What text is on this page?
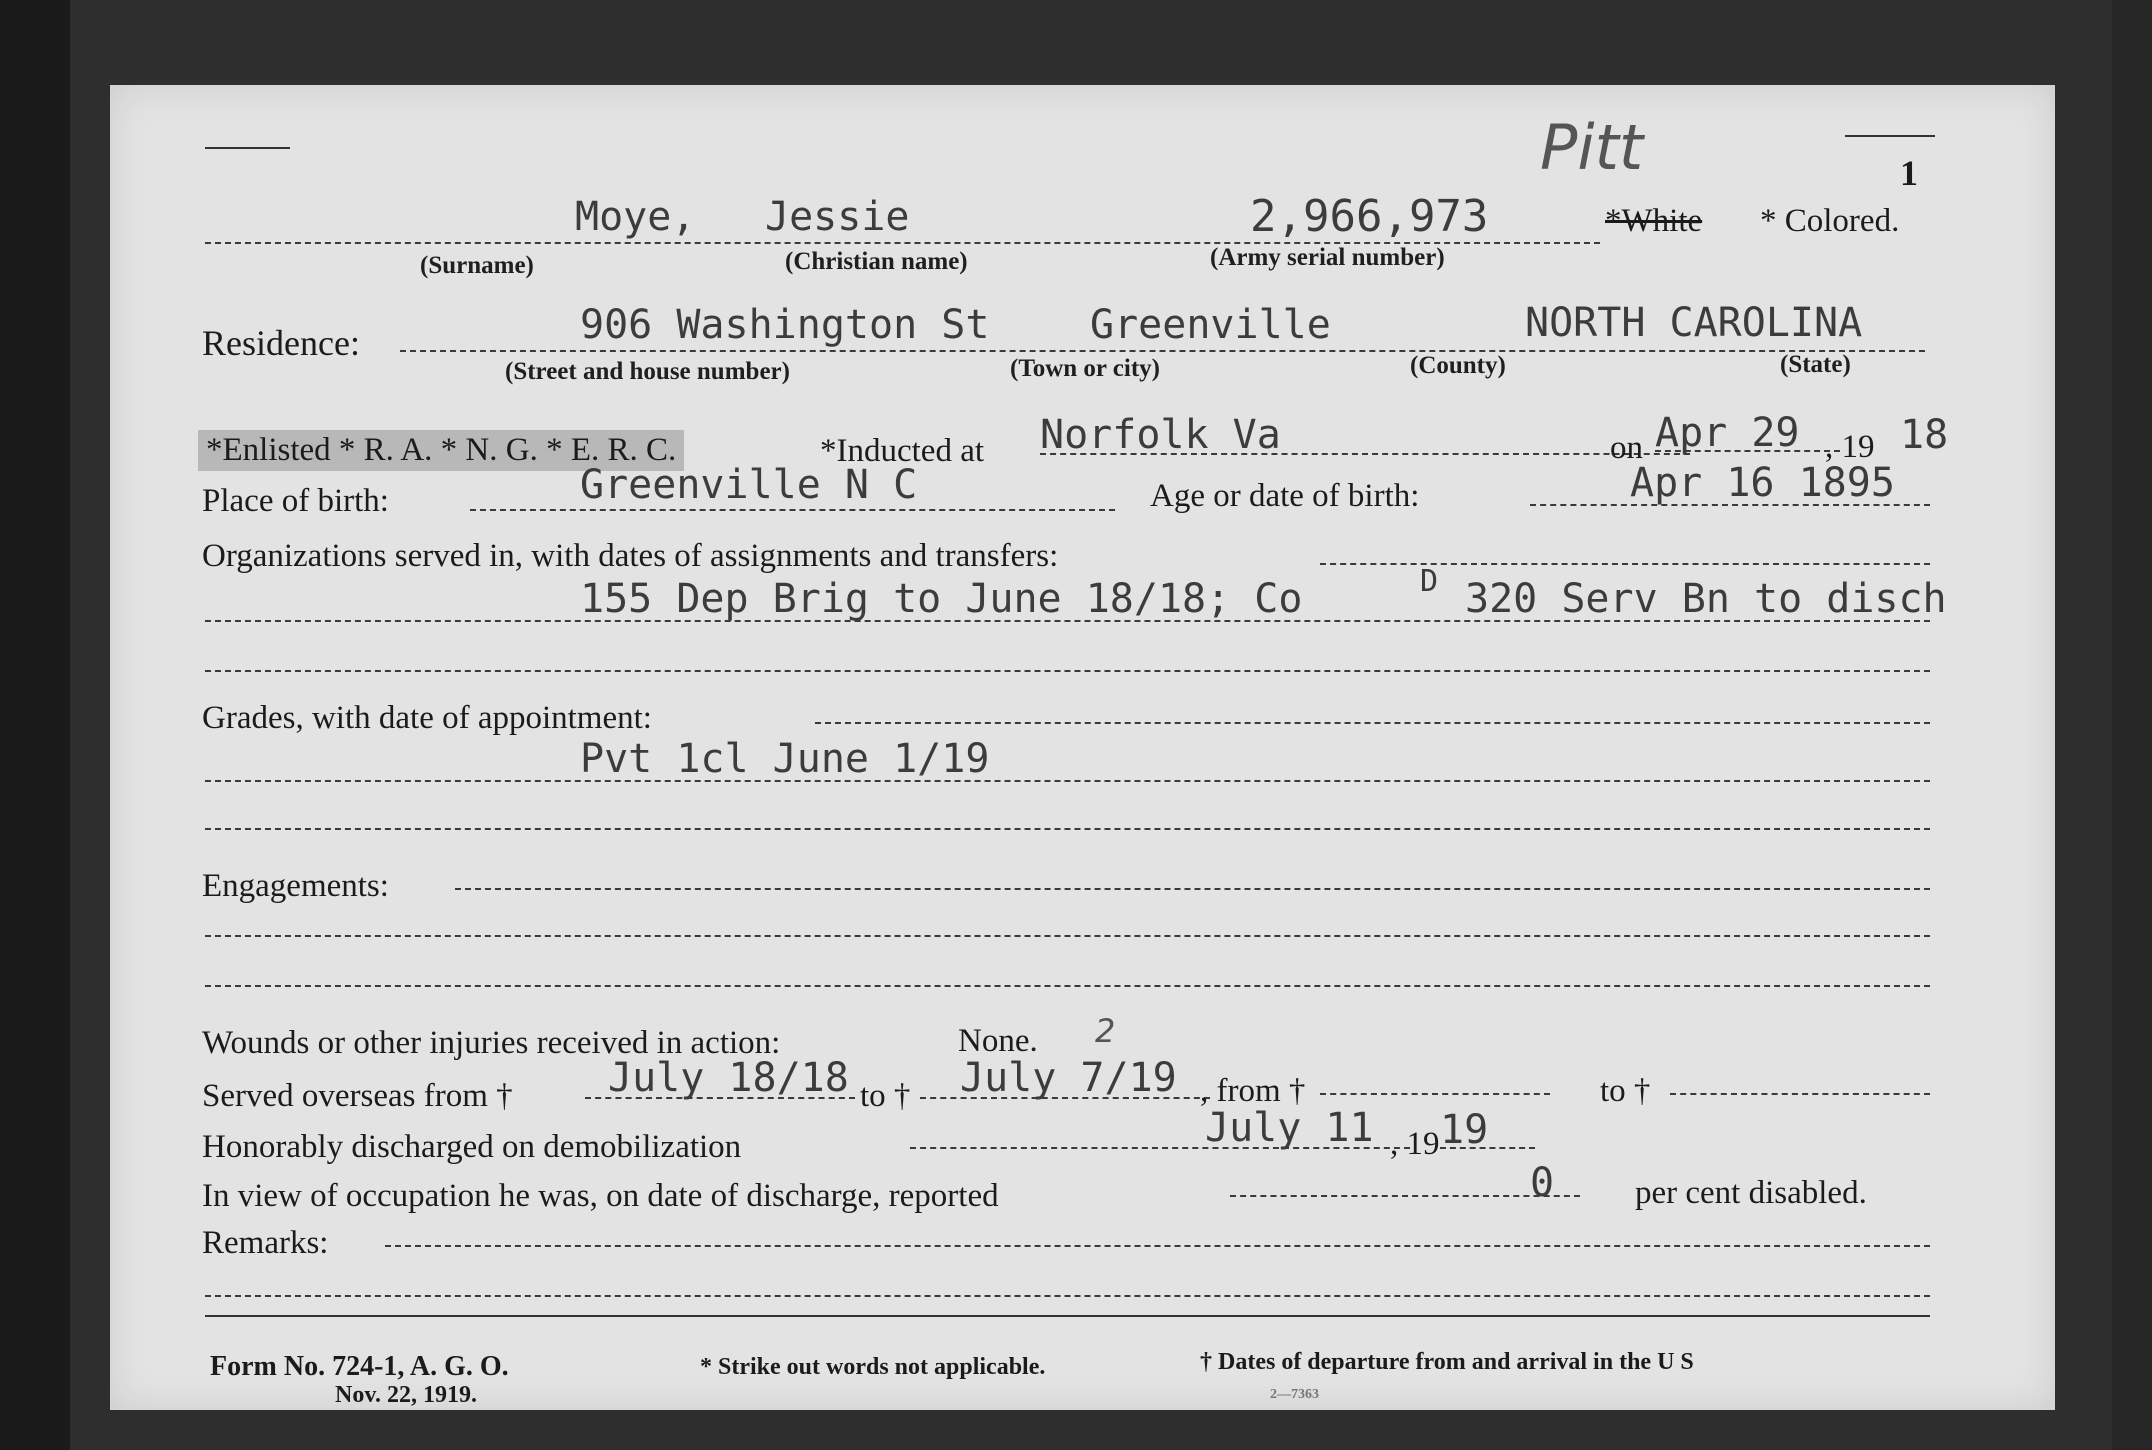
Pitt	1
Moye, Jessie	2,966,973	*White * Colored.
(Surname)	(Christian name)	(Army serial number)
Residence:	906 Washington St	Greenville	NORTH CAROLINA
(Street and house number)	(Town or city)	(County)	(State)
*Enlisted * R. A. * N. G. * E. R. C.	*Inducted at Norfolk Va	on Apr 29 , 19 18
Place of birth:	Greenville N C	Age or date of birth:	Apr 16 1895
Organizations served in, with dates of assignments and transfers:
155 Dep Brig to June 18/18; Co	D 320 Serv Bn to disch
Grades, with date of appointment:
Pvt 1cl June 1/19
Engagements:
Wounds or other injuries received in action:	None. 2
Served overseas from † July 18/18 to † July 7/19 , from †	to †
Honorably discharged on demobilization	July 11 , 19 19
In view of occupation he was, on date of discharge, reported	0 per cent disabled.
Remarks:
Form No. 724-1, A. G. O.
Nov. 22, 1919.
* Strike out words not applicable.	† Dates of departure from and arrival in the U S
2—7363
